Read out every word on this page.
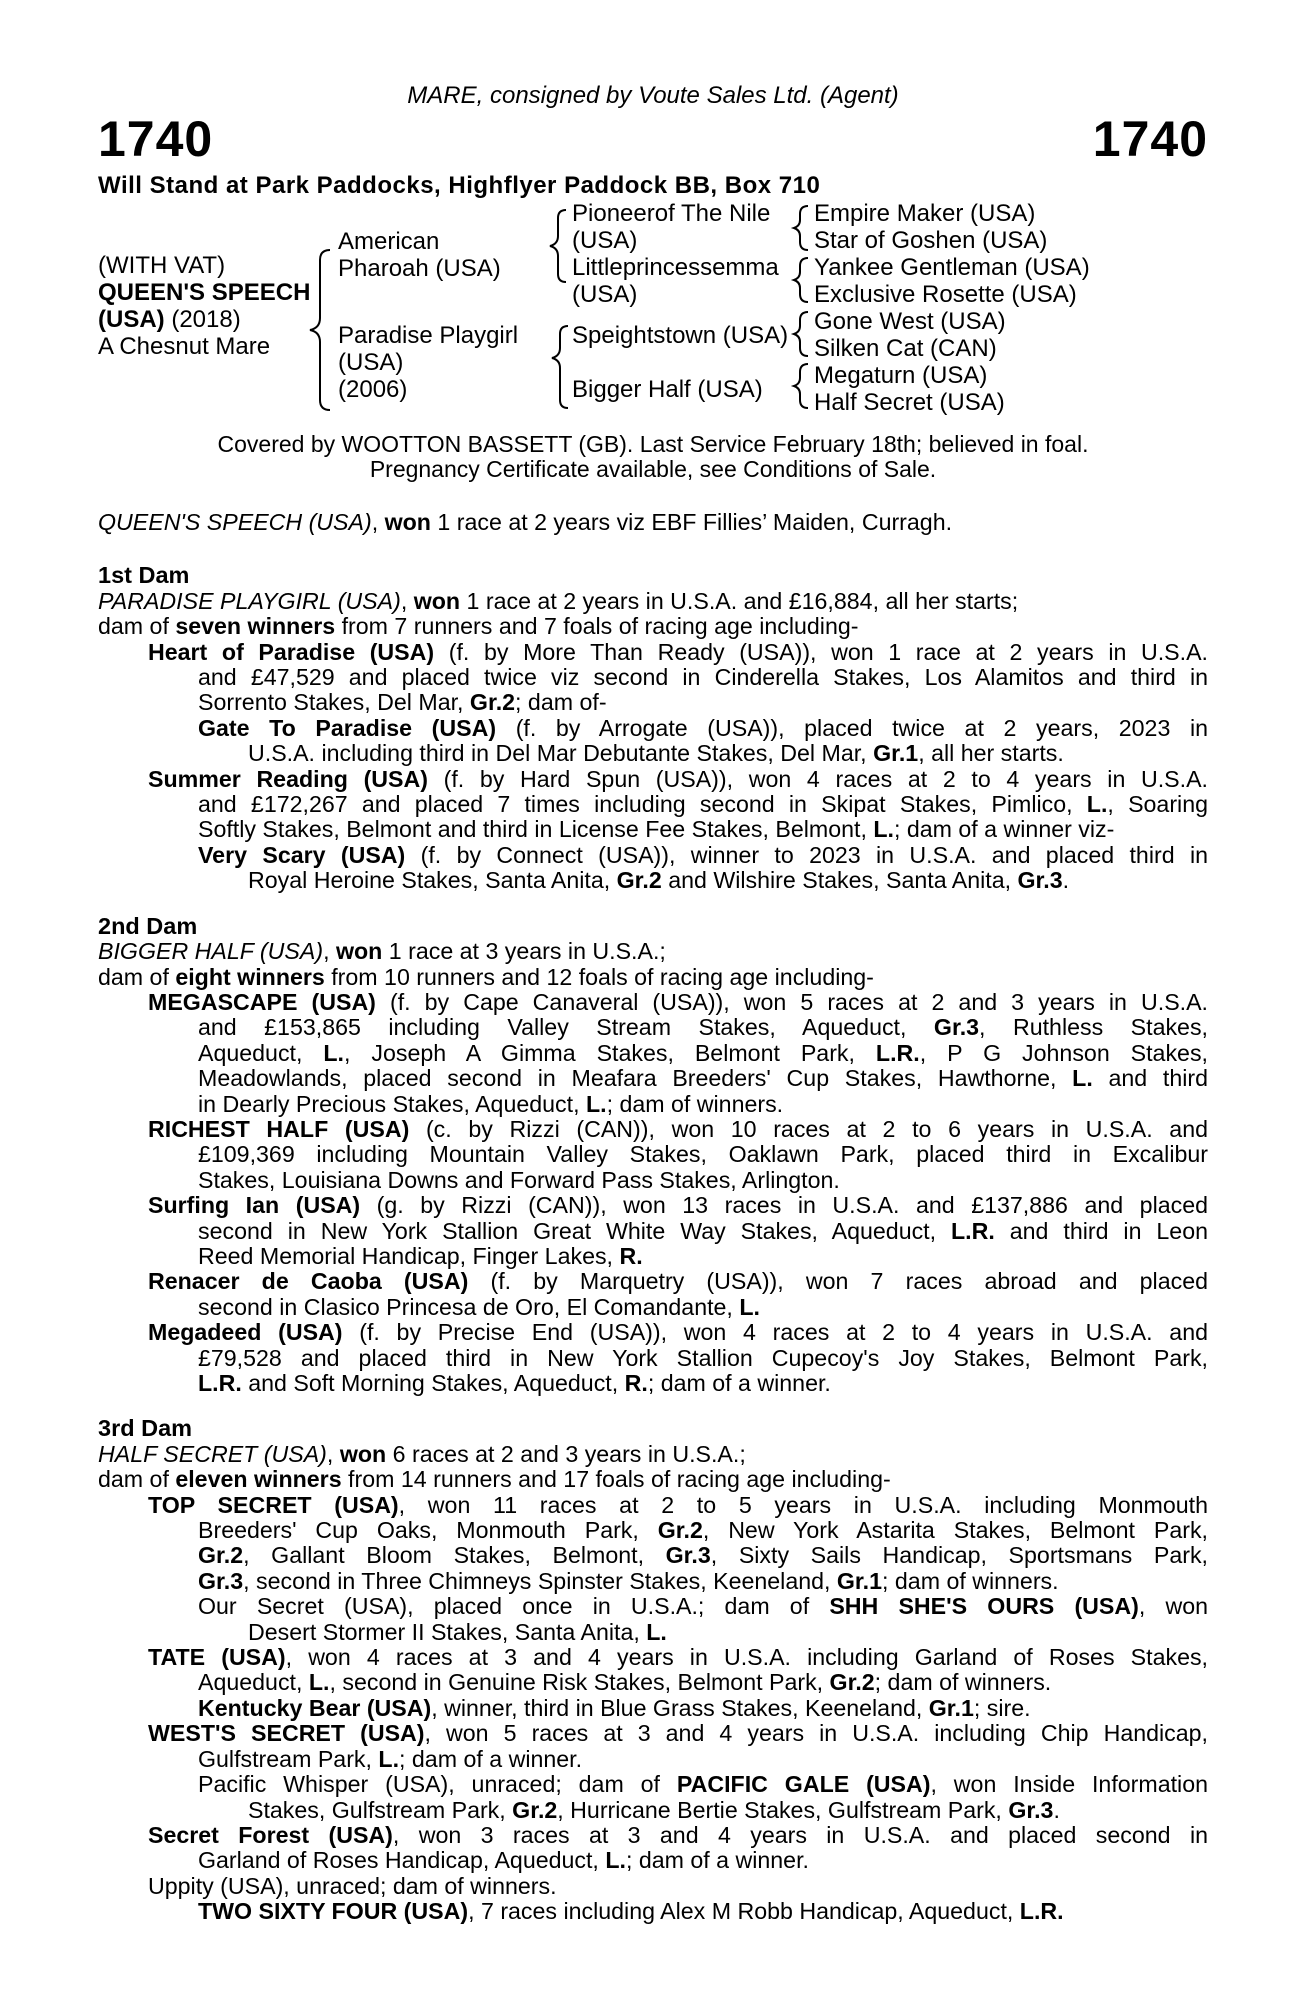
MARE, consigned by Voute Sales Ltd. (Agent)
1740	1740
Will Stand at Park Paddocks, Highflyer Paddock BB, Box 710
(WITH VAT)
QUEEN'S SPEECH
(USA) (2018)
A Chesnut Mare
American
Pharoah (USA)
Paradise Playgirl
(USA)
(2006)
Pioneerof The Nile
(USA)
Littleprincessemma
(USA)
Speightstown (USA)
Bigger Half (USA)
Empire Maker (USA)
Star of Goshen (USA)
Yankee Gentleman (USA)
Exclusive Rosette (USA)
Gone West (USA)
Silken Cat (CAN)
Megaturn (USA)
Half Secret (USA)
Covered by WOOTTON BASSETT (GB). Last Service February 18th; believed in foal.
Pregnancy Certificate available, see Conditions of Sale.
QUEEN'S SPEECH (USA), won 1 race at 2 years viz EBF Fillies’ Maiden, Curragh.
1st Dam
PARADISE PLAYGIRL (USA), won 1 race at 2 years in U.S.A. and £16,884, all her starts;
dam of seven winners from 7 runners and 7 foals of racing age including-
Heart of Paradise (USA) (f. by More Than Ready (USA)), won 1 race at 2 years in U.S.A.
and £47,529 and placed twice viz second in Cinderella Stakes, Los Alamitos and third in
Sorrento Stakes, Del Mar, Gr.2; dam of-
Gate To Paradise (USA) (f. by Arrogate (USA)), placed twice at 2 years, 2023 in
U.S.A. including third in Del Mar Debutante Stakes, Del Mar, Gr.1, all her starts.
Summer Reading (USA) (f. by Hard Spun (USA)), won 4 races at 2 to 4 years in U.S.A.
and £172,267 and placed 7 times including second in Skipat Stakes, Pimlico, L., Soaring
Softly Stakes, Belmont and third in License Fee Stakes, Belmont, L.; dam of a winner viz-
Very Scary (USA) (f. by Connect (USA)), winner to 2023 in U.S.A. and placed third in
Royal Heroine Stakes, Santa Anita, Gr.2 and Wilshire Stakes, Santa Anita, Gr.3.
2nd Dam
BIGGER HALF (USA), won 1 race at 3 years in U.S.A.;
dam of eight winners from 10 runners and 12 foals of racing age including-
MEGASCAPE (USA) (f. by Cape Canaveral (USA)), won 5 races at 2 and 3 years in U.S.A.
and £153,865 including Valley Stream Stakes, Aqueduct, Gr.3, Ruthless Stakes,
Aqueduct, L., Joseph A Gimma Stakes, Belmont Park, L.R., P G Johnson Stakes,
Meadowlands, placed second in Meafara Breeders' Cup Stakes, Hawthorne, L. and third
in Dearly Precious Stakes, Aqueduct, L.; dam of winners.
RICHEST HALF (USA) (c. by Rizzi (CAN)), won 10 races at 2 to 6 years in U.S.A. and
£109,369 including Mountain Valley Stakes, Oaklawn Park, placed third in Excalibur
Stakes, Louisiana Downs and Forward Pass Stakes, Arlington.
Surfing Ian (USA) (g. by Rizzi (CAN)), won 13 races in U.S.A. and £137,886 and placed
second in New York Stallion Great White Way Stakes, Aqueduct, L.R. and third in Leon
Reed Memorial Handicap, Finger Lakes, R.
Renacer de Caoba (USA) (f. by Marquetry (USA)), won 7 races abroad and placed
second in Clasico Princesa de Oro, El Comandante, L.
Megadeed (USA) (f. by Precise End (USA)), won 4 races at 2 to 4 years in U.S.A. and
£79,528 and placed third in New York Stallion Cupecoy's Joy Stakes, Belmont Park,
L.R. and Soft Morning Stakes, Aqueduct, R.; dam of a winner.
3rd Dam
HALF SECRET (USA), won 6 races at 2 and 3 years in U.S.A.;
dam of eleven winners from 14 runners and 17 foals of racing age including-
TOP SECRET (USA), won 11 races at 2 to 5 years in U.S.A. including Monmouth
Breeders' Cup Oaks, Monmouth Park, Gr.2, New York Astarita Stakes, Belmont Park,
Gr.2, Gallant Bloom Stakes, Belmont, Gr.3, Sixty Sails Handicap, Sportsmans Park,
Gr.3, second in Three Chimneys Spinster Stakes, Keeneland, Gr.1; dam of winners.
Our Secret (USA), placed once in U.S.A.; dam of SHH SHE'S OURS (USA), won
Desert Stormer II Stakes, Santa Anita, L.
TATE (USA), won 4 races at 3 and 4 years in U.S.A. including Garland of Roses Stakes,
Aqueduct, L., second in Genuine Risk Stakes, Belmont Park, Gr.2; dam of winners.
Kentucky Bear (USA), winner, third in Blue Grass Stakes, Keeneland, Gr.1; sire.
WEST'S SECRET (USA), won 5 races at 3 and 4 years in U.S.A. including Chip Handicap,
Gulfstream Park, L.; dam of a winner.
Pacific Whisper (USA), unraced; dam of PACIFIC GALE (USA), won Inside Information
Stakes, Gulfstream Park, Gr.2, Hurricane Bertie Stakes, Gulfstream Park, Gr.3.
Secret Forest (USA), won 3 races at 3 and 4 years in U.S.A. and placed second in
Garland of Roses Handicap, Aqueduct, L.; dam of a winner.
Uppity (USA), unraced; dam of winners.
TWO SIXTY FOUR (USA), 7 races including Alex M Robb Handicap, Aqueduct, L.R.
